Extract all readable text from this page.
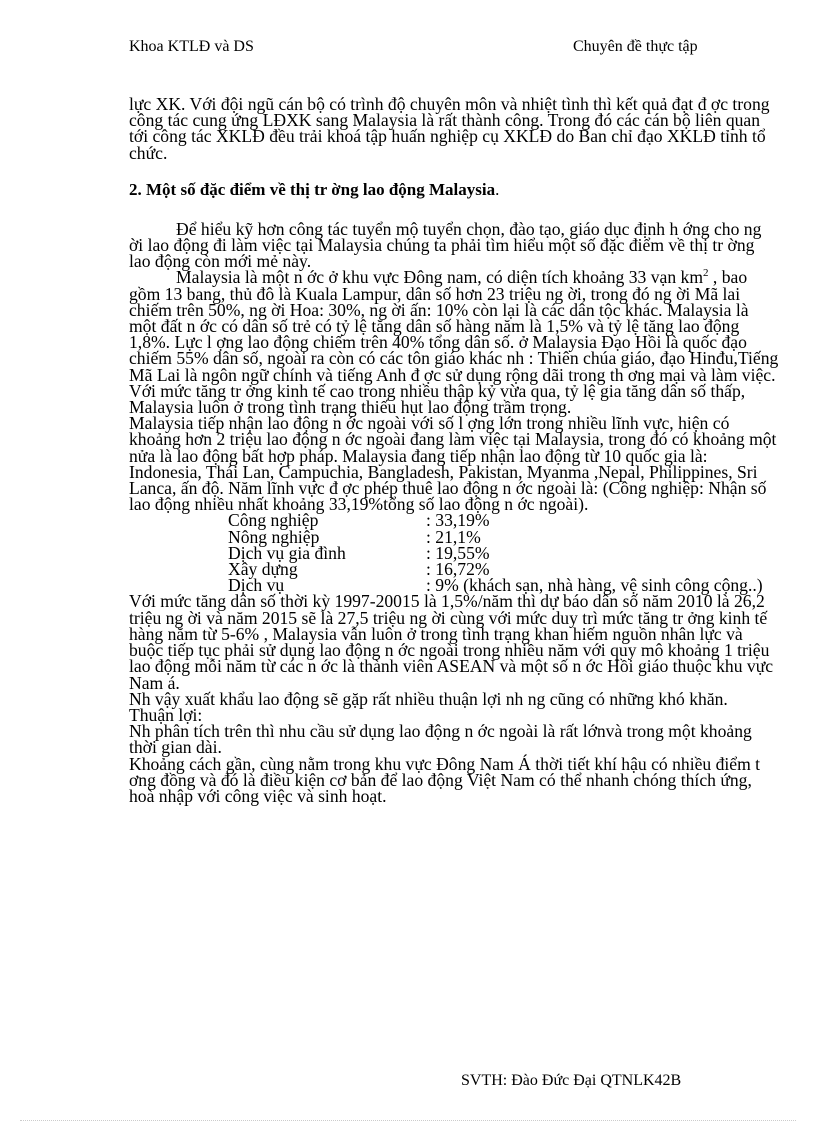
Khoa KTLĐ và DS	Chuyên đề thực tập

lực XK. Với đội ngũ cán bộ có trình độ chuyên môn và nhiệt tình thì kết quả đạt đ ợc trong công tác cung ứng LĐXK sang Malaysia là rất thành công. Trong đó các cán bộ liên quan tới công tác XKLĐ đều trải khoá tập huấn nghiệp cụ XKLĐ do Ban chỉ đạo XKLĐ tỉnh tổ chức.

2. Một số đặc điểm về thị tr ờng lao động Malaysia.

Để hiểu kỹ hơn công tác tuyển mộ tuyển chọn, đào tạo, giáo dục định h ớng cho ng ời lao động đi làm việc tại Malaysia chúng ta phải tìm hiểu một số đặc điểm về thị tr ờng lao động còn mới mẻ này.

Malaysia là một n ớc ở khu vực Đông nam, có diện tích khoảng 33 vạn $km^2$ , bao gồm 13 bang, thủ đô là Kuala Lampur, dân số hơn 23 triệu ng ời, trong đó ng ời Mã lai chiếm trên 50%, ng ời Hoa: 30%, ng ời ấn: 10% còn lại là các dân tộc khác. Malaysia là một đất n ớc có dân số trẻ có tỷ lệ tăng dân số hàng năm là 1,5% và tỷ lệ tăng lao động 1,8%. Lực l ợng lao động chiếm trên 40% tổng dân số. ở Malaysia Đạo Hồi là quốc đạo chiếm 55% dân số, ngoài ra còn có các tôn giáo khác nh : Thiên chúa giáo, đạo Hinđu,Tiếng Mã Lai là ngôn ngữ chính và tiếng Anh đ ợc sử dụng rộng dãi trong th ơng mại và làm việc.

Với mức tăng tr ởng kinh tế cao trong nhiều thập kỷ vừa qua, tỷ lệ gia tăng dân số thấp, Malaysia luôn ở trong tình trạng thiếu hụt lao động trầm trọng.

Malaysia tiếp nhận lao động n ớc ngoài với số l ợng lớn trong nhiều lĩnh vực, hiện có khoảng hơn 2 triệu lao động n ớc ngoài đang làm việc tại Malaysia, trong đó có khoảng một nửa là lao động bất hợp pháp. Malaysia đang tiếp nhận lao động từ 10 quốc gia là: Indonesia, Thái Lan, Campuchia, Bangladesh, Pakistan, Myanma ,Nepal, Philippines, Sri Lanca, ấn độ. Năm lĩnh vực đ ợc phép thuê lao động n ớc ngoài là: (Công nghiệp: Nhận số lao động nhiều nhất khoảng 33,19%tổng số lao động n ớc ngoài).

Công nghiệp	: 33,19%
Nông nghiệp	: 21,1%
Dịch vụ gia đình	: 19,55%
Xây dựng	: 16,72%
Dịch vụ	: 9% (khách sạn, nhà hàng, vệ sinh công cộng..)

Với mức tăng dân số thời kỳ 1997-20015 là 1,5%/năm thì dự báo dân số năm 2010 là 26,2 triệu ng ời và năm 2015 sẽ là 27,5 triệu ng ời cùng với mức duy trì mức tăng tr ởng kinh tế hàng năm từ 5-6% , Malaysia vẫn luôn ở trong tình trạng khan hiếm nguồn nhân lực và buộc tiếp tục phải sử dụng lao động n ớc ngoài trong nhiều năm với quy mô khoảng 1 triệu lao động mỗi năm từ các n ớc là thành viên ASEAN và một số n ớc Hồi giáo thuộc khu vực Nam á.

Nh vậy xuất khẩu lao động sẽ gặp rất nhiều thuận lợi nh ng cũng có những khó khăn.

Thuận lợi:

Nh phân tích trên thì nhu cầu sử dụng lao động n ớc ngoài là rất lớnvà trong một khoảng thời gian dài.

Khoảng cách gần, cùng nằm trong khu vực Đông Nam Á thời tiết khí hậu có nhiều điểm t ơng đồng và đó là điều kiện cơ bản để lao động Việt Nam có thể nhanh chóng thích ứng, hoà nhập với công việc và sinh hoạt.

SVTH: Đào Đức Đại QTNLK42B
